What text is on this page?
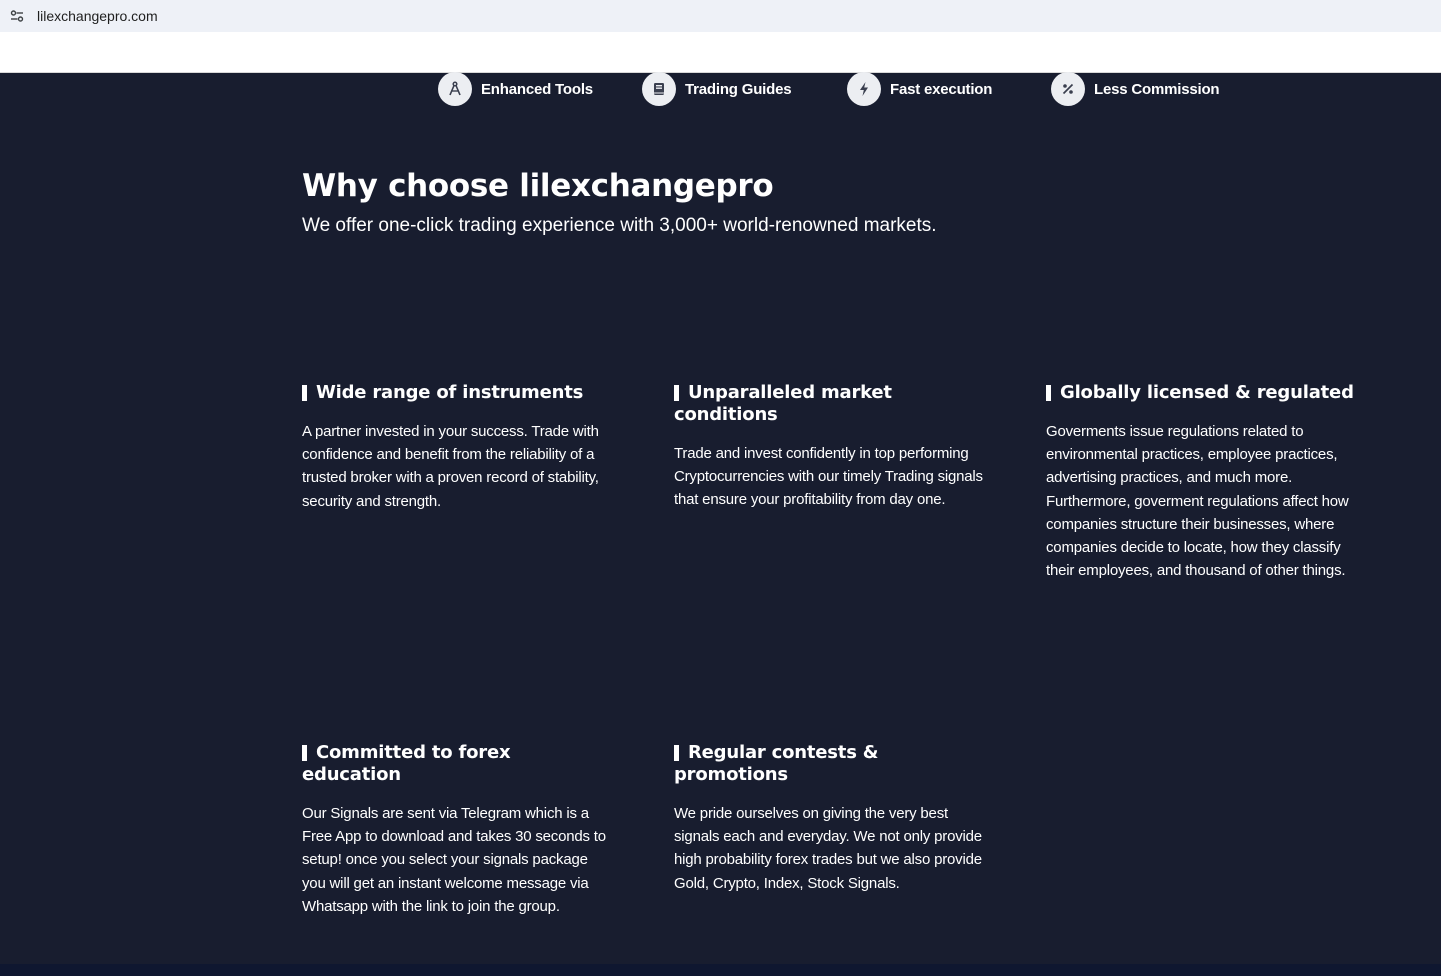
lilexchangepro.com
Enhanced Tools	Trading Guides	Fast execution	Less Commission
Why choose lilexchangepro

We offer one-click trading experience with 3,000+ world-renowned markets.

Wide range of instruments

A partner invested in your success. Trade with confidence and benefit from the reliability of a trusted broker with a proven record of stability, security and strength.

Unparalleled market conditions

Trade and invest confidently in top performing Cryptocurrencies with our timely Trading signals that ensure your profitability from day one.

Globally licensed & regulated

Goverments issue regulations related to environmental practices, employee practices, advertising practices, and much more. Furthermore, goverment regulations affect how companies structure their businesses, where companies decide to locate, how they classify their employees, and thousand of other things.

Committed to forex education

Our Signals are sent via Telegram which is a Free App to download and takes 30 seconds to setup! once you select your signals package you will get an instant welcome message via Whatsapp with the link to join the group.

Regular contests & promotions

We pride ourselves on giving the very best signals each and everyday. We not only provide high probability forex trades but we also provide Gold, Crypto, Index, Stock Signals.
